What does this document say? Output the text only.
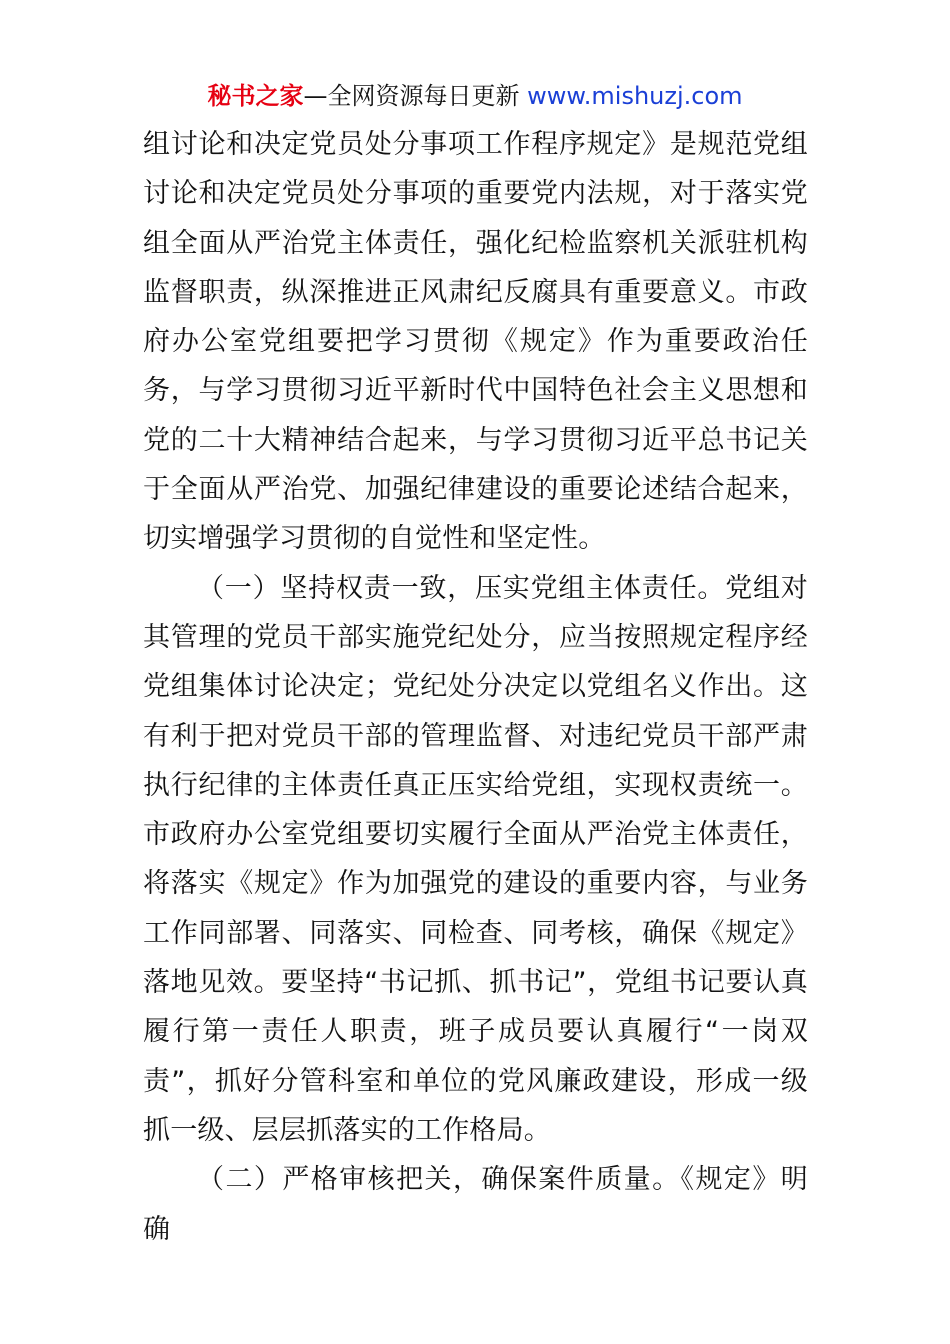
秘书之家—全网资源每日更新 www.mishuzj.com

组讨论和决定党员处分事项工作程序规定》是规范党组讨论和决定党员处分事项的重要党内法规，对于落实党组全面从严治党主体责任，强化纪检监察机关派驻机构监督职责，纵深推进正风肃纪反腐具有重要意义。市政府办公室党组要把学习贯彻《规定》作为重要政治任务，与学习贯彻习近平新时代中国特色社会主义思想和党的二十大精神结合起来，与学习贯彻习近平总书记关于全面从严治党、加强纪律建设的重要论述结合起来，切实增强学习贯彻的自觉性和坚定性。

（一）坚持权责一致，压实党组主体责任。党组对其管理的党员干部实施党纪处分，应当按照规定程序经党组集体讨论决定；党纪处分决定以党组名义作出。这有利于把对党员干部的管理监督、对违纪党员干部严肃执行纪律的主体责任真正压实给党组，实现权责统一。市政府办公室党组要切实履行全面从严治党主体责任，将落实《规定》作为加强党的建设的重要内容，与业务工作同部署、同落实、同检查、同考核，确保《规定》落地见效。要坚持“书记抓、抓书记”，党组书记要认真履行第一责任人职责，班子成员要认真履行“一岗双责”，抓好分管科室和单位的党风廉政建设，形成一级抓一级、层层抓落实的工作格局。

（二）严格审核把关，确保案件质量。《规定》明确
